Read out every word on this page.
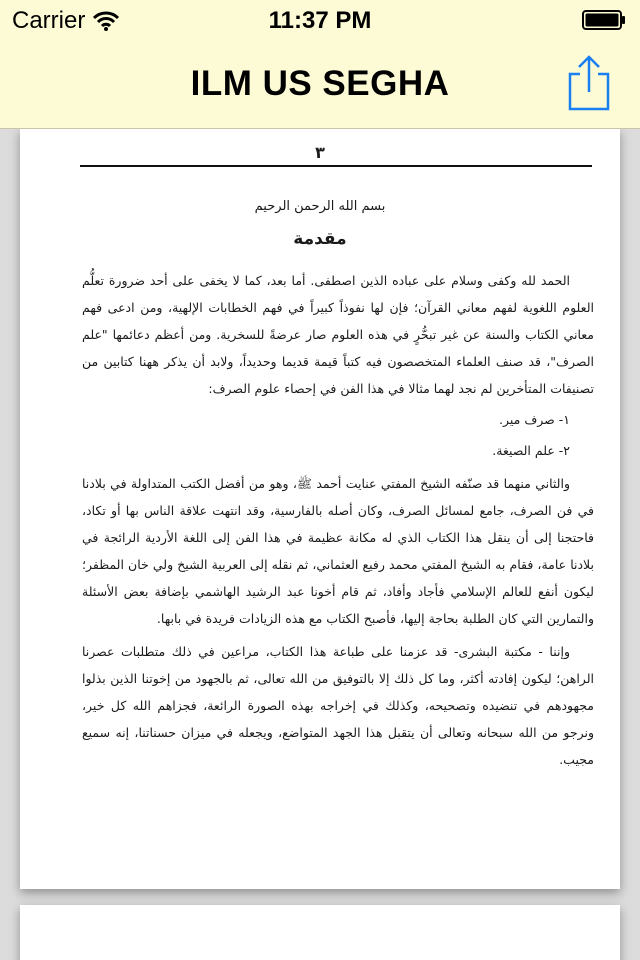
Carrier	11:37 PM
ILM US SEGHA
٣
بسم الله الرحمن الرحيم
مقدمة

الحمد لله وكفى وسلام على عباده الذين اصطفى. أما بعد، كما لا يخفى على أحد ضرورة تعلُّم العلوم اللغوية لفهم معاني القرآن؛ فإن لها نفوذاً كبيراً في فهم الخطابات الإلهية، ومن ادعى فهم معاني الكتاب والسنة عن غير تبحُّرٍ في هذه العلوم صار عرضةً للسخرية. ومن أعظم دعائمها "علم الصرف"، قد صنف العلماء المتخصصون فيه كتباً قيمة قديما وحديداً، ولابد أن يذكر ههنا كتابين من تصنيفات المتأخرين لم نجد لهما مثالا في هذا الفن في إحصاء علوم الصرف:

١- صرف مير.

٢- علم الصيغة.

والثاني منهما قد صنّفه الشيخ المفتي عنايت أحمد ﷺ، وهو من أفضل الكتب المتداولة في بلادنا في فن الصرف، جامع لمسائل الصرف، وكان أصله بالفارسية، وقد انتهت علاقة الناس بها أو تكاد، فاحتجنا إلى أن ينقل هذا الكتاب الذي له مكانة عظيمة في هذا الفن إلى اللغة الأردية الرائجة في بلادنا عامة، فقام به الشيخ المفتي محمد رفيع العثماني، ثم نقله إلى العربية الشيخ ولي خان المظفر؛ ليكون أنفع للعالم الإسلامي فأجاد وأفاد، ثم قام أخونا عبد الرشيد الهاشمي بإضافة بعض الأسئلة والتمارين التي كان الطلبة بحاجة إليها، فأصبح الكتاب مع هذه الزيادات فريدة في بابها.

وإننا - مكتبة البشرى- قد عزمنا على طباعة هذا الكتاب، مراعين في ذلك متطلبات عصرنا الراهن؛ ليكون إفادته أكثر، وما كل ذلك إلا بالتوفيق من الله تعالى، ثم بالجهود من إخوتنا الذين بذلوا مجهودهم في تنضيده وتصحيحه، وكذلك في إخراجه بهذه الصورة الرائعة، فجزاهم الله كل خير، ونرجو من الله سبحانه وتعالى أن يتقبل هذا الجهد المتواضع، ويجعله في ميزان حسناتنا، إنه سميع مجيب.
